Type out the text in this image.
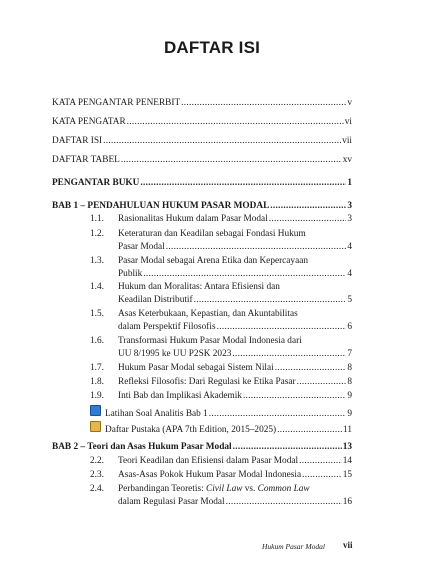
DAFTAR ISI
KATA PENGANTAR PENERBIT .....	v
KATA PENGATAR .....	vi
DAFTAR ISI .....	vii
DAFTAR TABEL .....	xv
PENGANTAR BUKU .....	1
BAB 1 – PENDAHULUAN HUKUM PASAR MODAL .....	3
1.1. Rasionalitas Hukum dalam Pasar Modal .....	3
1.2. Keteraturan dan Keadilan sebagai Fondasi Hukum
Pasar Modal .....	4
1.3. Pasar Modal sebagai Arena Etika dan Kepercayaan
Publik .....	4
1.4. Hukum dan Moralitas: Antara Efisiensi dan
Keadilan Distributif .....	5
1.5. Asas Keterbukaan, Kepastian, dan Akuntabilitas
dalam Perspektif Filosofis .....	6
1.6. Transformasi Hukum Pasar Modal Indonesia dari
UU 8/1995 ke UU P2SK 2023 .....	7
1.7. Hukum Pasar Modal sebagai Sistem Nilai .....	8
1.8. Refleksi Filosofis: Dari Regulasi ke Etika Pasar .....	8
1.9. Inti Bab dan Implikasi Akademik .....	9
Latihan Soal Analitis Bab 1 .....	9
Daftar Pustaka (APA 7th Edition, 2015–2025) .....	11
BAB 2 – Teori dan Asas Hukum Pasar Modal .....	13
2.2. Teori Keadilan dan Efisiensi dalam Pasar Modal .....	14
2.3. Asas-Asas Pokok Hukum Pasar Modal Indonesia .....	15
2.4. Perbandingan Teoretis: Civil Law vs. Common Law
dalam Regulasi Pasar Modal .....	16
Hukum Pasar Modal vii
